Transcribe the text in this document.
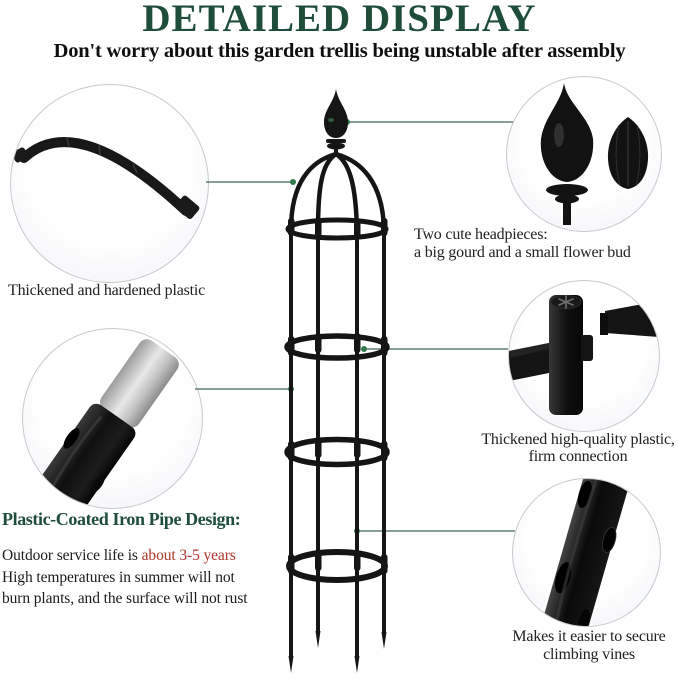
DETAILED DISPLAY

Don't worry about this garden trellis being unstable after assembly

Thickened and hardened plastic
Two cute headpieces:
a big gourd and a small flower bud
Thickened high-quality plastic,
firm connection
Makes it easier to secure
climbing vines

Plastic-Coated Iron Pipe Design:

Outdoor service life is about 3-5 years
High temperatures in summer will not
burn plants, and the surface will not rust
